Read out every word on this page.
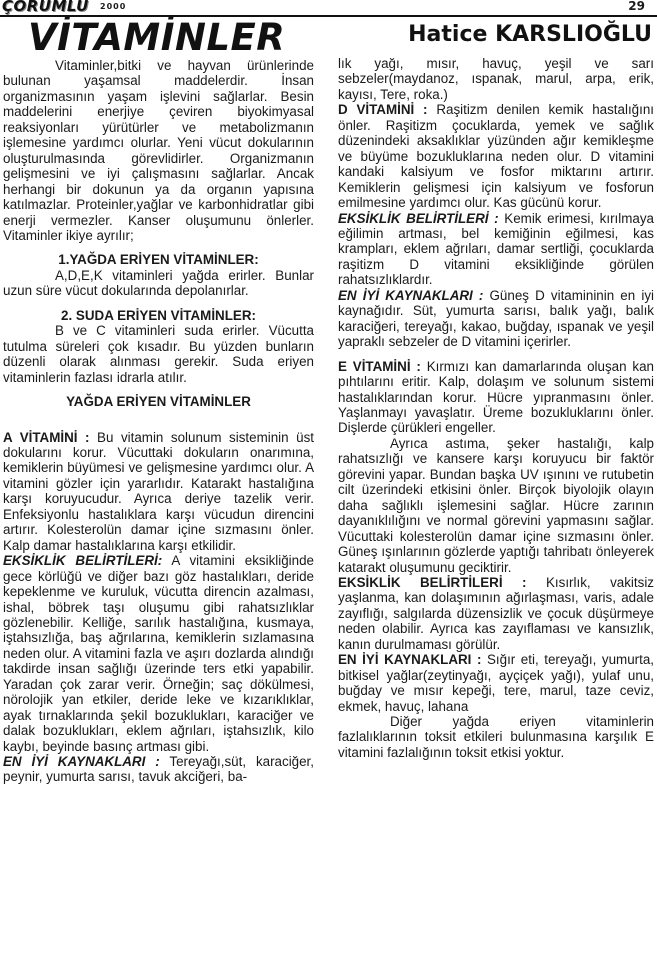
ÇORUMLU 2000	29
VİTAMİNLER	Hatice KARSLIOĞLU

Vitaminler,bitki ve hayvan ürünlerinde bulunan yaşamsal maddelerdir. İnsan organizmasının yaşam işlevini sağlarlar. Besin maddelerini enerjiye çeviren biyokimyasal reaksiyonları yürütürler ve metabolizmanın işlemesine yardımcı olurlar. Yeni vücut dokularının oluşturulmasında görevlidirler. Organizmanın gelişmesini ve iyi çalışmasını sağlarlar. Ancak herhangi bir dokunun ya da organın yapısına katılmazlar. Proteinler,yağlar ve karbonhidratlar gibi enerji vermezler. Kanser oluşumunu önlerler. Vitaminler ikiye ayrılır;

1.YAĞDA ERİYEN VİTAMİNLER:

A,D,E,K vitaminleri yağda erirler. Bunlar uzun süre vücut dokularında depolanırlar.

2. SUDA ERİYEN VİTAMİNLER:

B ve C vitaminleri suda erirler. Vücutta tutulma süreleri çok kısadır. Bu yüzden bunların düzenli olarak alınması gerekir. Suda eriyen vitaminlerin fazlası idrarla atılır.

YAĞDA ERİYEN VİTAMİNLER

A VİTAMİNİ : Bu vitamin solunum sisteminin üst dokularını korur. Vücuttaki dokuların onarımına, kemiklerin büyümesi ve gelişmesine yardımcı olur. A vitamini gözler için yararlıdır. Katarakt hastalığına karşı koruyucudur. Ayrıca deriye tazelik verir. Enfeksiyonlu hastalıklara karşı vücudun direncini artırır. Kolesterolün damar içine sızmasını önler. Kalp damar hastalıklarına karşı etkilidir.

EKSİKLİK BELİRTİLERİ: A vitamini eksikliğinde gece körlüğü ve diğer bazı göz hastalıkları, deride kepeklenme ve kuruluk, vücutta direncin azalması, ishal, böbrek taşı oluşumu gibi rahatsızlıklar gözlenebilir. Kelliğe, sarılık hastalığına, kusmaya, iştahsızlığa, baş ağrılarına, kemiklerin sızlamasına neden olur. A vitamini fazla ve aşırı dozlarda alındığı takdirde insan sağlığı üzerinde ters etki yapabilir. Yaradan çok zarar verir. Örneğin; saç dökülmesi, nörolojik yan etkiler, deride leke ve kızarıklıklar, ayak tırnaklarında şekil bozuklukları, karaciğer ve dalak bozuklukları, eklem ağrıları, iştahsızlık, kilo kaybı, beyinde basınç artması gibi.

EN İYİ KAYNAKLARI : Tereyağı,süt, karaciğer, peynir, yumurta sarısı, tavuk akciğeri, ba-

lık yağı, mısır, havuç, yeşil ve sarı sebzeler(maydanoz, ıspanak, marul, arpa, erik, kayısı, Tere, roka.)

D VİTAMİNİ : Raşitizm denilen kemik hastalığını önler. Raşitizm çocuklarda, yemek ve sağlık düzenindeki aksaklıklar yüzünden ağır kemikleşme ve büyüme bozukluklarına neden olur. D vitamini kandaki kalsiyum ve fosfor miktarını artırır. Kemiklerin gelişmesi için kalsiyum ve fosforun emilmesine yardımcı olur. Kas gücünü korur.

EKSİKLİK BELİRTİLERİ : Kemik erimesi, kırılmaya eğilimin artması, bel kemiğinin eğilmesi, kas krampları, eklem ağrıları, damar sertliği, çocuklarda raşitizm D vitamini eksikliğinde görülen rahatsızlıklardır.

EN İYİ KAYNAKLARI : Güneş D vitamininin en iyi kaynağıdır. Süt, yumurta sarısı, balık yağı, balık karaciğeri, tereyağı, kakao, buğday, ıspanak ve yeşil yapraklı sebzeler de D vitamini içerirler.

E VİTAMİNİ : Kırmızı kan damarlarında oluşan kan pıhtılarını eritir. Kalp, dolaşım ve solunum sistemi hastalıklarından korur. Hücre yıpranmasını önler. Yaşlanmayı yavaşlatır. Üreme bozukluklarını önler. Dişlerde çürükleri engeller.

Ayrıca astıma, şeker hastalığı, kalp rahatsızlığı ve kansere karşı koruyucu bir faktör görevini yapar. Bundan başka UV ışınını ve rutubetin cilt üzerindeki etkisini önler. Birçok biyolojik olayın daha sağlıklı işlemesini sağlar. Hücre zarının dayanıklılığını ve normal görevini yapmasını sağlar. Vücuttaki kolesterolün damar içine sızmasını önler. Güneş ışınlarının gözlerde yaptığı tahribatı önleyerek katarakt oluşumunu geciktirir.

EKSİKLİK BELİRTİLERİ : Kısırlık, vakitsiz yaşlanma, kan dolaşımının ağırlaşması, varis, adale zayıflığı, salgılarda düzensizlik ve çocuk düşürmeye neden olabilir. Ayrıca kas zayıflaması ve kansızlık, kanın durulmaması görülür.

EN İYİ KAYNAKLARI : Sığır eti, tereyağı, yumurta, bitkisel yağlar(zeytinyağı, ayçiçek yağı), yulaf unu, buğday ve mısır kepeği, tere, marul, taze ceviz, ekmek, havuç, lahana

Diğer yağda eriyen vitaminlerin fazlalıklarının toksit etkileri bulunmasına karşılık E vitamini fazlalığının toksit etkisi yoktur.
